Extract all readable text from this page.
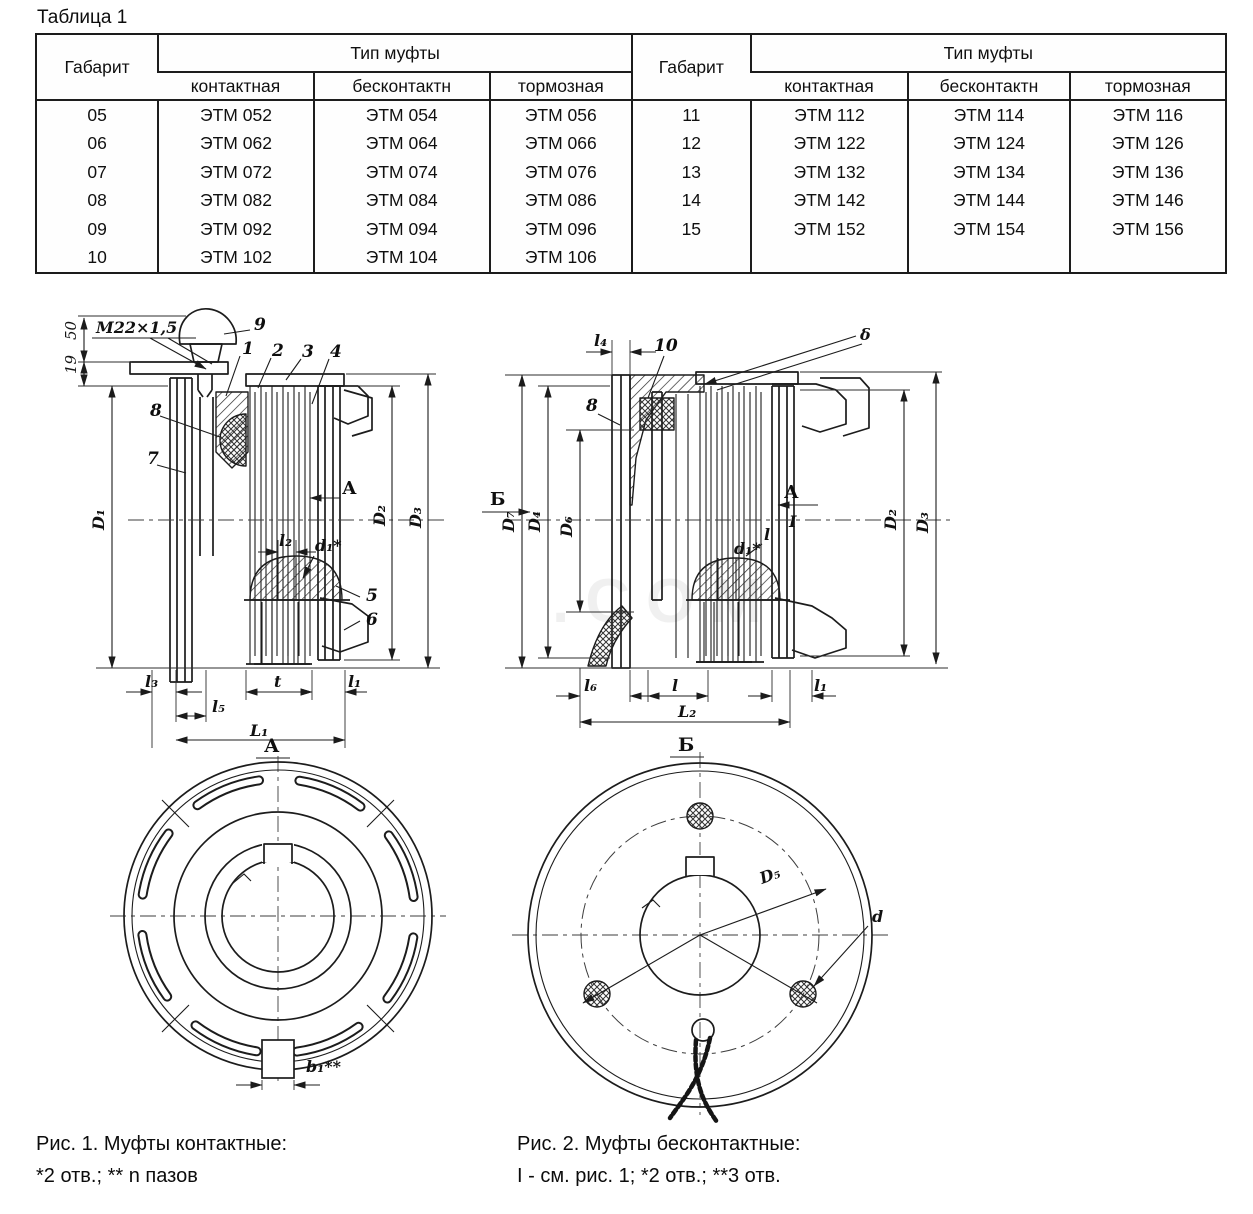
Таблица 1
Габарит	Тип муфты		
	контактная	бесконтактн	тормозная
05	ЭТМ 052	ЭТМ 054	ЭТМ 056
06	ЭТМ 062	ЭТМ 064	ЭТМ 066
07	ЭТМ 072	ЭТМ 074	ЭТМ 076
08	ЭТМ 082	ЭТМ 084	ЭТМ 086
09	ЭТМ 092	ЭТМ 094	ЭТМ 096
10	ЭТМ 102	ЭТМ 104	ЭТМ 106
Габарит	Тип муфты		
	контактная	бесконтактн	тормозная
11	ЭТМ 112	ЭТМ 114	ЭТМ 116
12	ЭТМ 122	ЭТМ 124	ЭТМ 126
13	ЭТМ 132	ЭТМ 134	ЭТМ 136
14	ЭТМ 142	ЭТМ 144	ЭТМ 146
15	ЭТМ 152	ЭТМ 154	ЭТМ 156

М22×1,5
50
19
D₁	D₂ D₃
9
1 2 3 4
8
7
5
6
А
l₂ d₁*
l₃
l₅
t	l₁
L₁
А
b₁**
Б
l₄	10
δ
8
D₇ D₄ D₆	D₂ D₃
А
I
l
d₁*
l₆	l	l₁
L₂
Б
D₅
d
.COM
Рис. 1. Муфты контактные:
*2 отв.; ** n пазов
Рис. 2. Муфты бесконтактные:
I - см. рис. 1; *2 отв.; **3 отв.
